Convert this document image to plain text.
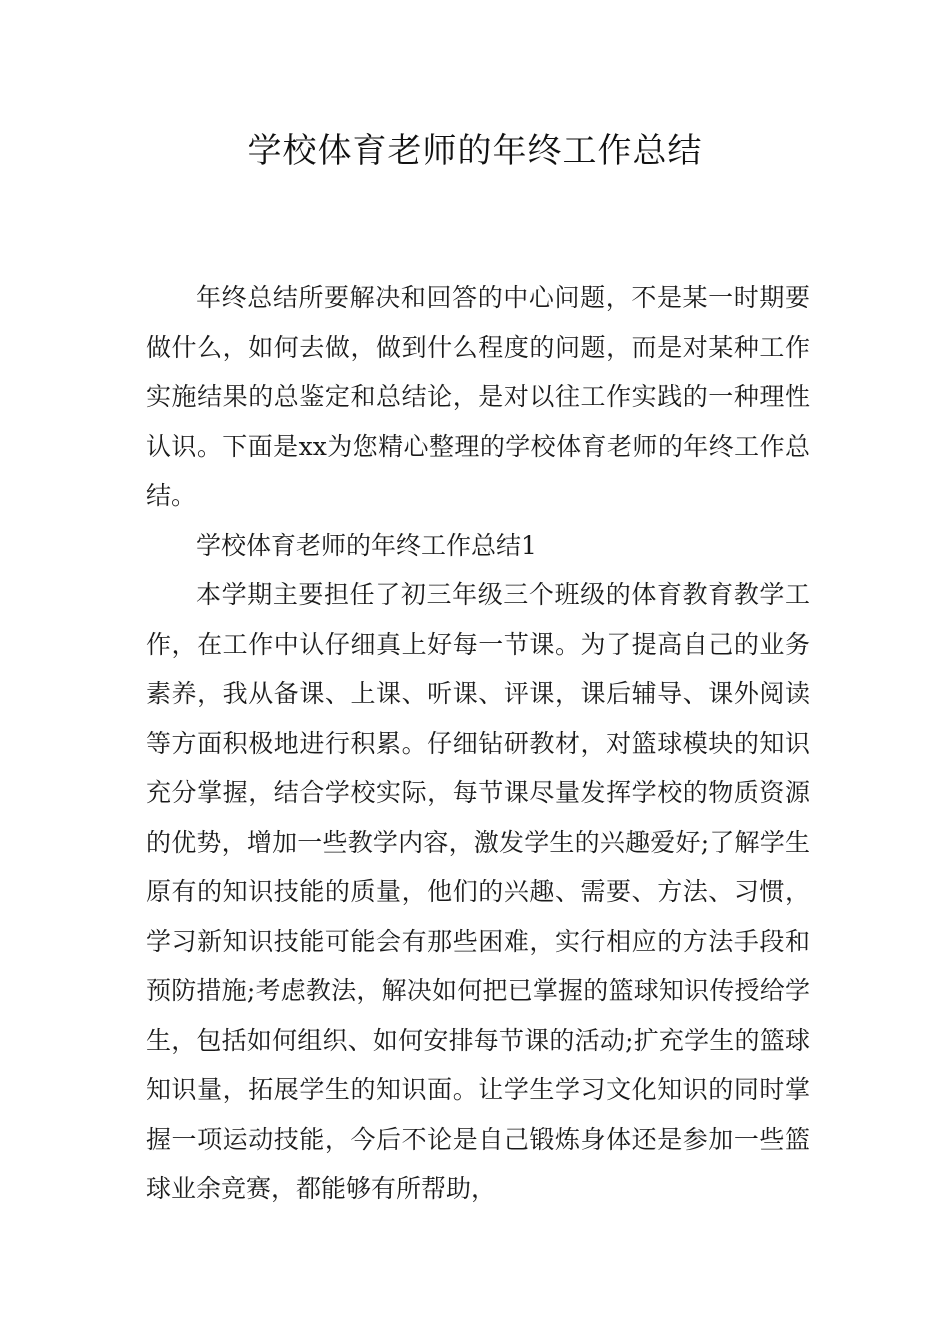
学校体育老师的年终工作总结

年终总结所要解决和回答的中心问题，不是某一时期要做什么，如何去做，做到什么程度的问题，而是对某种工作实施结果的总鉴定和总结论，是对以往工作实践的一种理性认识。下面是xx为您精心整理的学校体育老师的年终工作总结。

学校体育老师的年终工作总结1

本学期主要担任了初三年级三个班级的体育教育教学工作，在工作中认仔细真上好每一节课。为了提高自己的业务素养，我从备课、上课、听课、评课，课后辅导、课外阅读等方面积极地进行积累。仔细钻研教材，对篮球模块的知识充分掌握，结合学校实际，每节课尽量发挥学校的物质资源的优势，增加一些教学内容，激发学生的兴趣爱好;了解学生原有的知识技能的质量，他们的兴趣、需要、方法、习惯，学习新知识技能可能会有那些困难，实行相应的方法手段和预防措施;考虑教法，解决如何把已掌握的篮球知识传授给学生，包括如何组织、如何安排每节课的活动;扩充学生的篮球知识量，拓展学生的知识面。让学生学习文化知识的同时掌握一项运动技能，今后不论是自己锻炼身体还是参加一些篮球业余竞赛，都能够有所帮助，
